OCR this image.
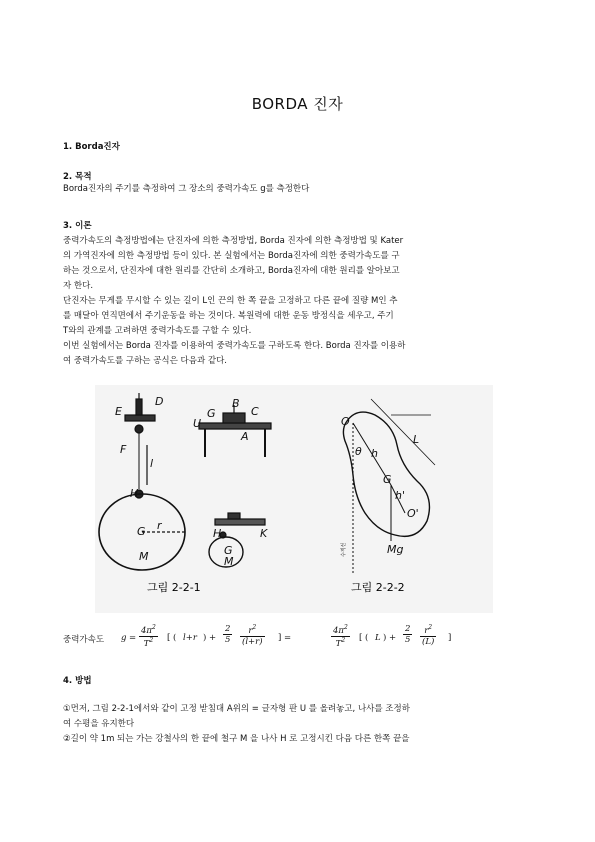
BORDA 진자
1. Borda진자
2. 목적
Borda진자의 주기를 측정하여 그 장소의 중력가속도 g를 측정한다
3. 이론
중력가속도의 측정방법에는 단진자에 의한 측정방법, Borda 진자에 의한 측정방법 및 Kater
의 가역진자에 의한 측정방법 등이 있다. 본 실험에서는 Borda진자에 의한 중력가속도를 구
하는 것으로서, 단진자에 대한 원리를 간단히 소개하고, Borda진자에 대한 원리를 알아보고
자 한다.
단진자는 무게를 무시할 수 있는 길이 L인 끈의 한 쪽 끝을 고정하고 다른 끝에 질량 M인 추
를 매달아 연직면에서 주기운동을 하는 것이다. 복원력에 대한 운동 방정식을 세우고, 주기
T와의 관계를 고려하면 중력가속도를 구할 수 있다.
이번 실험에서는 Borda 진자를 이용하여 중력가속도를 구하도록 한다. Borda 진자를 이용하
여 중력가속도를 구하는 공식은 다음과 같다.
D
E
F
H
G
M
r
l
B
C
G
U
A
H	K
G
M
O
L
θ h
G
h'
O'
Mg
수직선
그림 2-2-1	그림 2-2-2
중력가속도 $g = \frac{4\pi^2}{T^2}$ [ ( l+r ) + $\frac{2}{5} \frac{r^2}{(l+r)}$ ] =	$\frac{4\pi^2}{T^2}$ [ ( L ) + $\frac{2}{5} \frac{r^2}{(L)}$ ]
4. 방법
①먼저, 그림 2-2-1에서와 같이 고정 받침대 A위의 = 글자형 판 U 를 올려놓고, 나사를 조정하
여 수평을 유지한다
②길이 약 1m 되는 가는 강철사의 한 끝에 철구 M 을 나사 H 로 고정시킨 다음 다른 한쪽 끝을
